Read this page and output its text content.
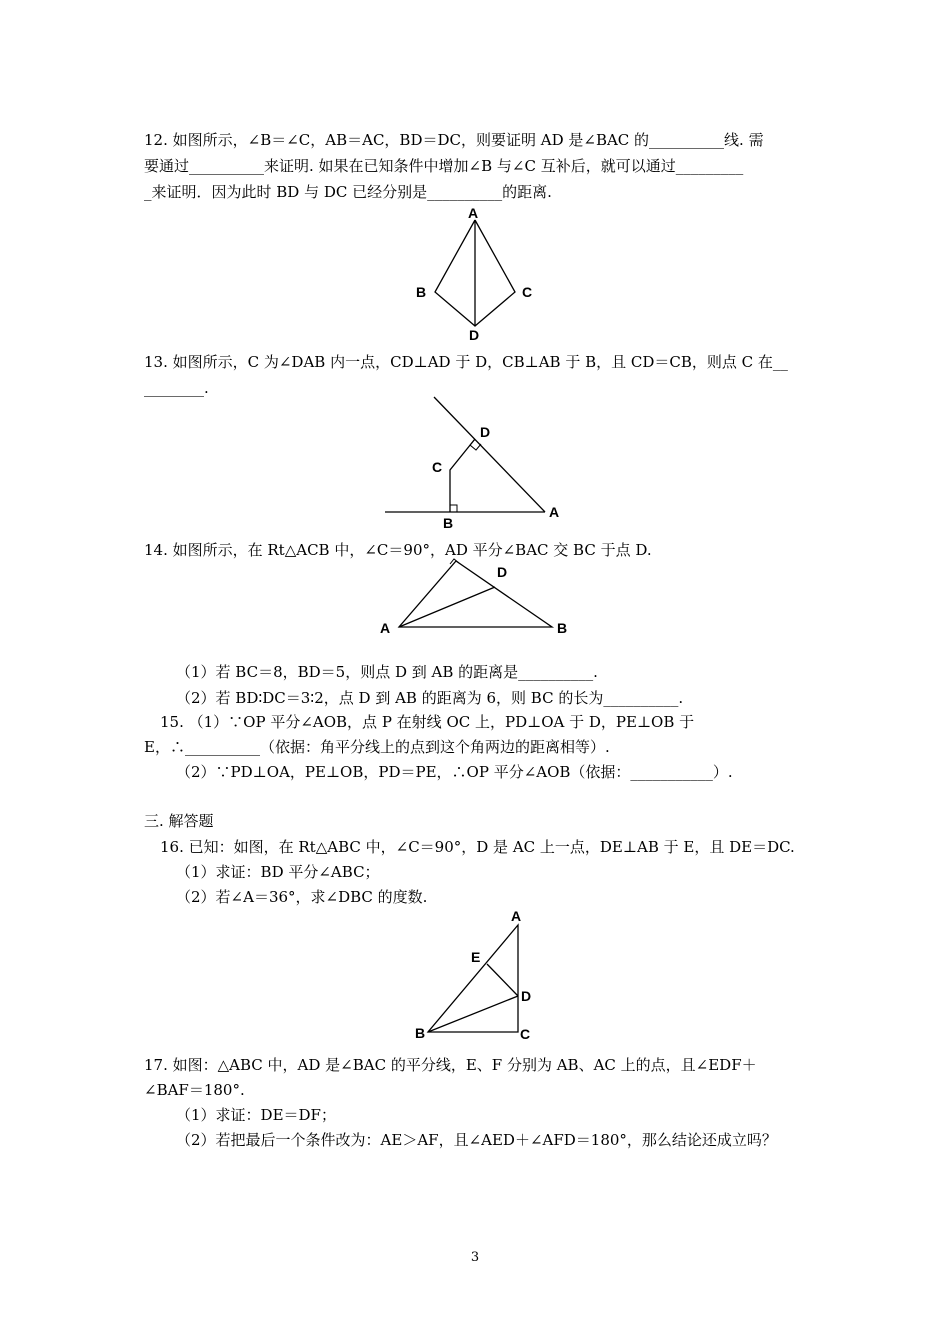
12. 如图所示，∠B＝∠C，AB＝AC，BD＝DC，则要证明 AD 是∠BAC 的__________线. 需
要通过__________来证明. 如果在已知条件中增加∠B 与∠C 互补后，就可以通过_________
_来证明．因为此时 BD 与 DC 已经分别是__________的距离.
A
B	C
D
13. 如图所示，C 为∠DAB 内一点，CD⊥AD 于 D，CB⊥AB 于 B，且 CD＝CB，则点 C 在__
________.
D
C
B
A
14. 如图所示，在 Rt△ACB 中，∠C＝90°，AD 平分∠BAC 交 BC 于点 D.
D
A	B
（1）若 BC＝8，BD＝5，则点 D 到 AB 的距离是__________.
（2）若 BD∶DC＝3∶2，点 D 到 AB 的距离为 6，则 BC 的长为__________.
15. （1）∵OP 平分∠AOB，点 P 在射线 OC 上，PD⊥OA 于 D，PE⊥OB 于
E，∴__________（依据：角平分线上的点到这个角两边的距离相等）.
（2）∵PD⊥OA，PE⊥OB，PD＝PE，∴OP 平分∠AOB（依据：___________）.
三. 解答题
16. 已知：如图，在 Rt△ABC 中，∠C＝90°，D 是 AC 上一点，DE⊥AB 于 E，且 DE＝DC.
（1）求证：BD 平分∠ABC；
（2）若∠A＝36°，求∠DBC 的度数.
A
E
D
B	C
17. 如图：△ABC 中，AD 是∠BAC 的平分线，E、F 分别为 AB、AC 上的点，且∠EDF＋
∠BAF＝180°.
（1）求证：DE＝DF；
（2）若把最后一个条件改为：AE＞AF，且∠AED＋∠AFD＝180°，那么结论还成立吗？
3
